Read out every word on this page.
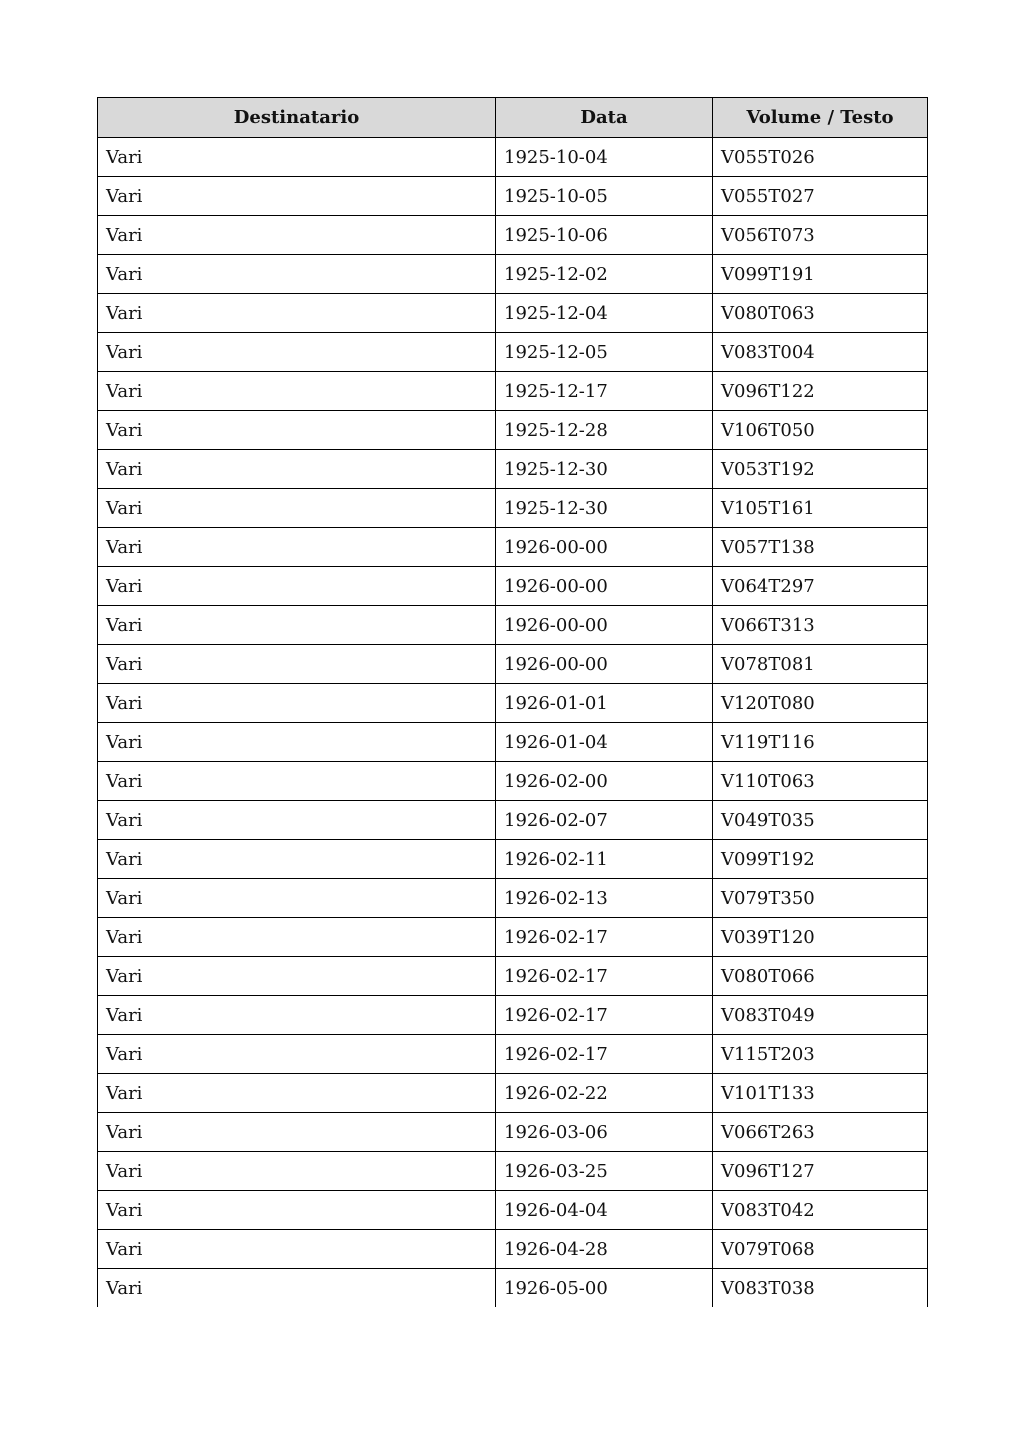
Destinatario	Data	Volume / Testo
Vari	1925-10-04	V055T026
Vari	1925-10-05	V055T027
Vari	1925-10-06	V056T073
Vari	1925-12-02	V099T191
Vari	1925-12-04	V080T063
Vari	1925-12-05	V083T004
Vari	1925-12-17	V096T122
Vari	1925-12-28	V106T050
Vari	1925-12-30	V053T192
Vari	1925-12-30	V105T161
Vari	1926-00-00	V057T138
Vari	1926-00-00	V064T297
Vari	1926-00-00	V066T313
Vari	1926-00-00	V078T081
Vari	1926-01-01	V120T080
Vari	1926-01-04	V119T116
Vari	1926-02-00	V110T063
Vari	1926-02-07	V049T035
Vari	1926-02-11	V099T192
Vari	1926-02-13	V079T350
Vari	1926-02-17	V039T120
Vari	1926-02-17	V080T066
Vari	1926-02-17	V083T049
Vari	1926-02-17	V115T203
Vari	1926-02-22	V101T133
Vari	1926-03-06	V066T263
Vari	1926-03-25	V096T127
Vari	1926-04-04	V083T042
Vari	1926-04-28	V079T068
Vari	1926-05-00	V083T038
